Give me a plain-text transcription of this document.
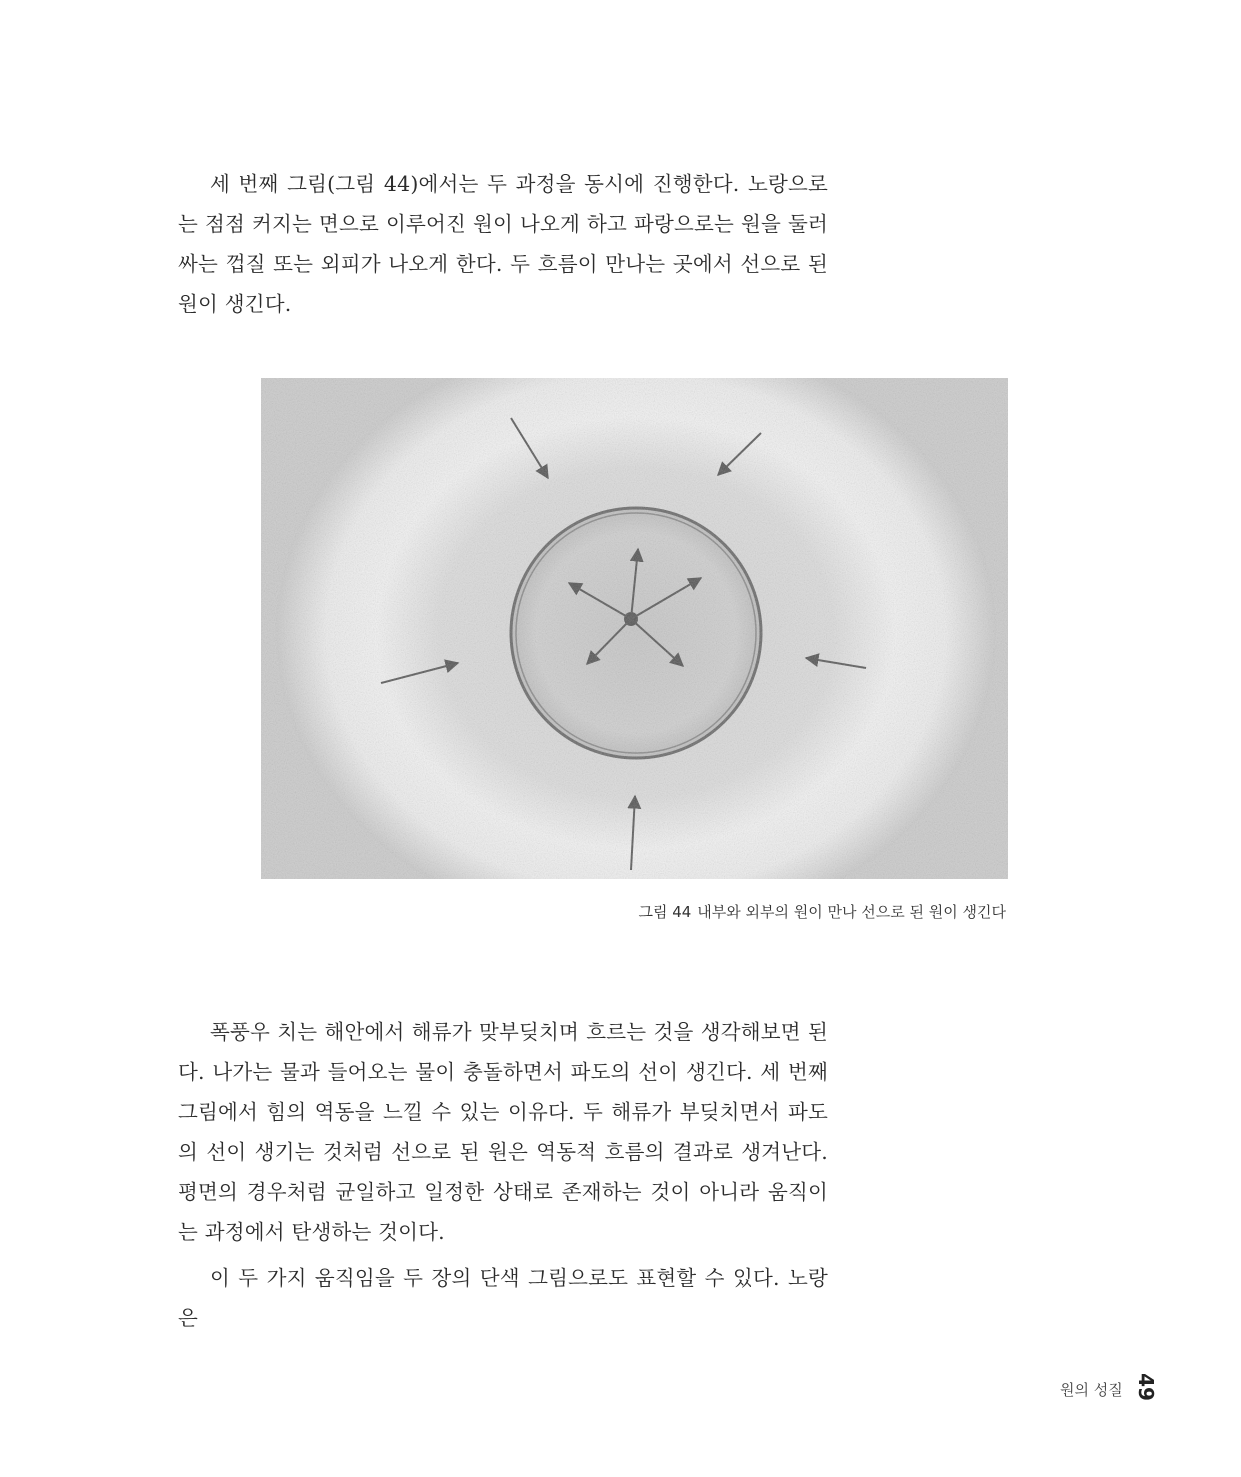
세 번째 그림(그림 44)에서는 두 과정을 동시에 진행한다. 노랑으로는 점점 커지는 면으로 이루어진 원이 나오게 하고 파랑으로는 원을 둘러싸는 껍질 또는 외피가 나오게 한다. 두 흐름이 만나는 곳에서 선으로 된 원이 생긴다.

그림 44 내부와 외부의 원이 만나 선으로 된 원이 생긴다

폭풍우 치는 해안에서 해류가 맞부딪치며 흐르는 것을 생각해보면 된다. 나가는 물과 들어오는 물이 충돌하면서 파도의 선이 생긴다. 세 번째 그림에서 힘의 역동을 느낄 수 있는 이유다. 두 해류가 부딪치면서 파도의 선이 생기는 것처럼 선으로 된 원은 역동적 흐름의 결과로 생겨난다. 평면의 경우처럼 균일하고 일정한 상태로 존재하는 것이 아니라 움직이는 과정에서 탄생하는 것이다.

이 두 가지 움직임을 두 장의 단색 그림으로도 표현할 수 있다. 노랑은

원의 성질 49
